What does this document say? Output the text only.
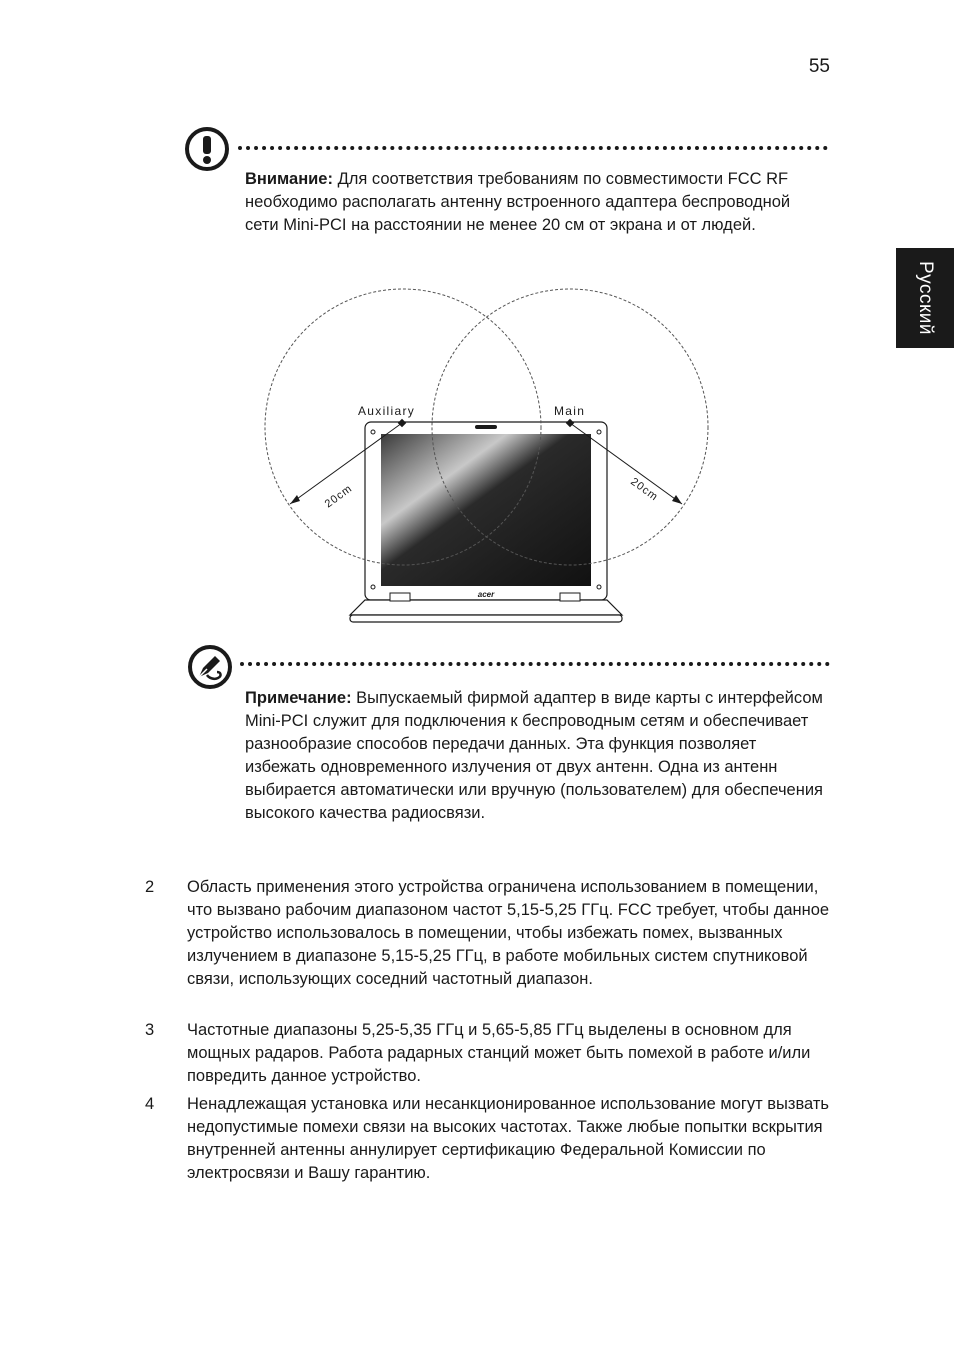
55
Русский

Внимание: Для соответствия требованиям по совместимости FCC RF необходимо располагать антенну встроенного адаптера беспроводной сети Mini-PCI на расстоянии не менее 20 см от экрана и от людей.

acer
20cm	20cm
Auxiliary	Main

Примечание: Выпускаемый фирмой адаптер в виде карты с интерфейсом Mini-PCI служит для подключения к беспроводным сетям и обеспечивает разнообразие способов передачи данных. Эта функция позволяет избежать одновременного излучения от двух антенн. Одна из антенн выбирается автоматически или вручную (пользователем) для обеспечения высокого качества радиосвязи.

2 Область применения этого устройства ограничена использованием в помещении, что вызвано рабочим диапазоном частот 5,15-5,25 ГГц. FCC требует, чтобы данное устройство использовалось в помещении, чтобы избежать помех, вызванных излучением в диапазоне 5,15-5,25 ГГц, в работе мобильных систем спутниковой связи, использующих соседний частотный диапазон.
3 Частотные диапазоны 5,25-5,35 ГГц и 5,65-5,85 ГГц выделены в основном для мощных радаров. Работа радарных станций может быть помехой в работе и/или повредить данное устройство.
4 Ненадлежащая установка или несанкционированное использование могут вызвать недопустимые помехи связи на высоких частотах. Также любые попытки вскрытия внутренней антенны аннулирует сертификацию Федеральной Комиссии по электросвязи и Вашу гарантию.
